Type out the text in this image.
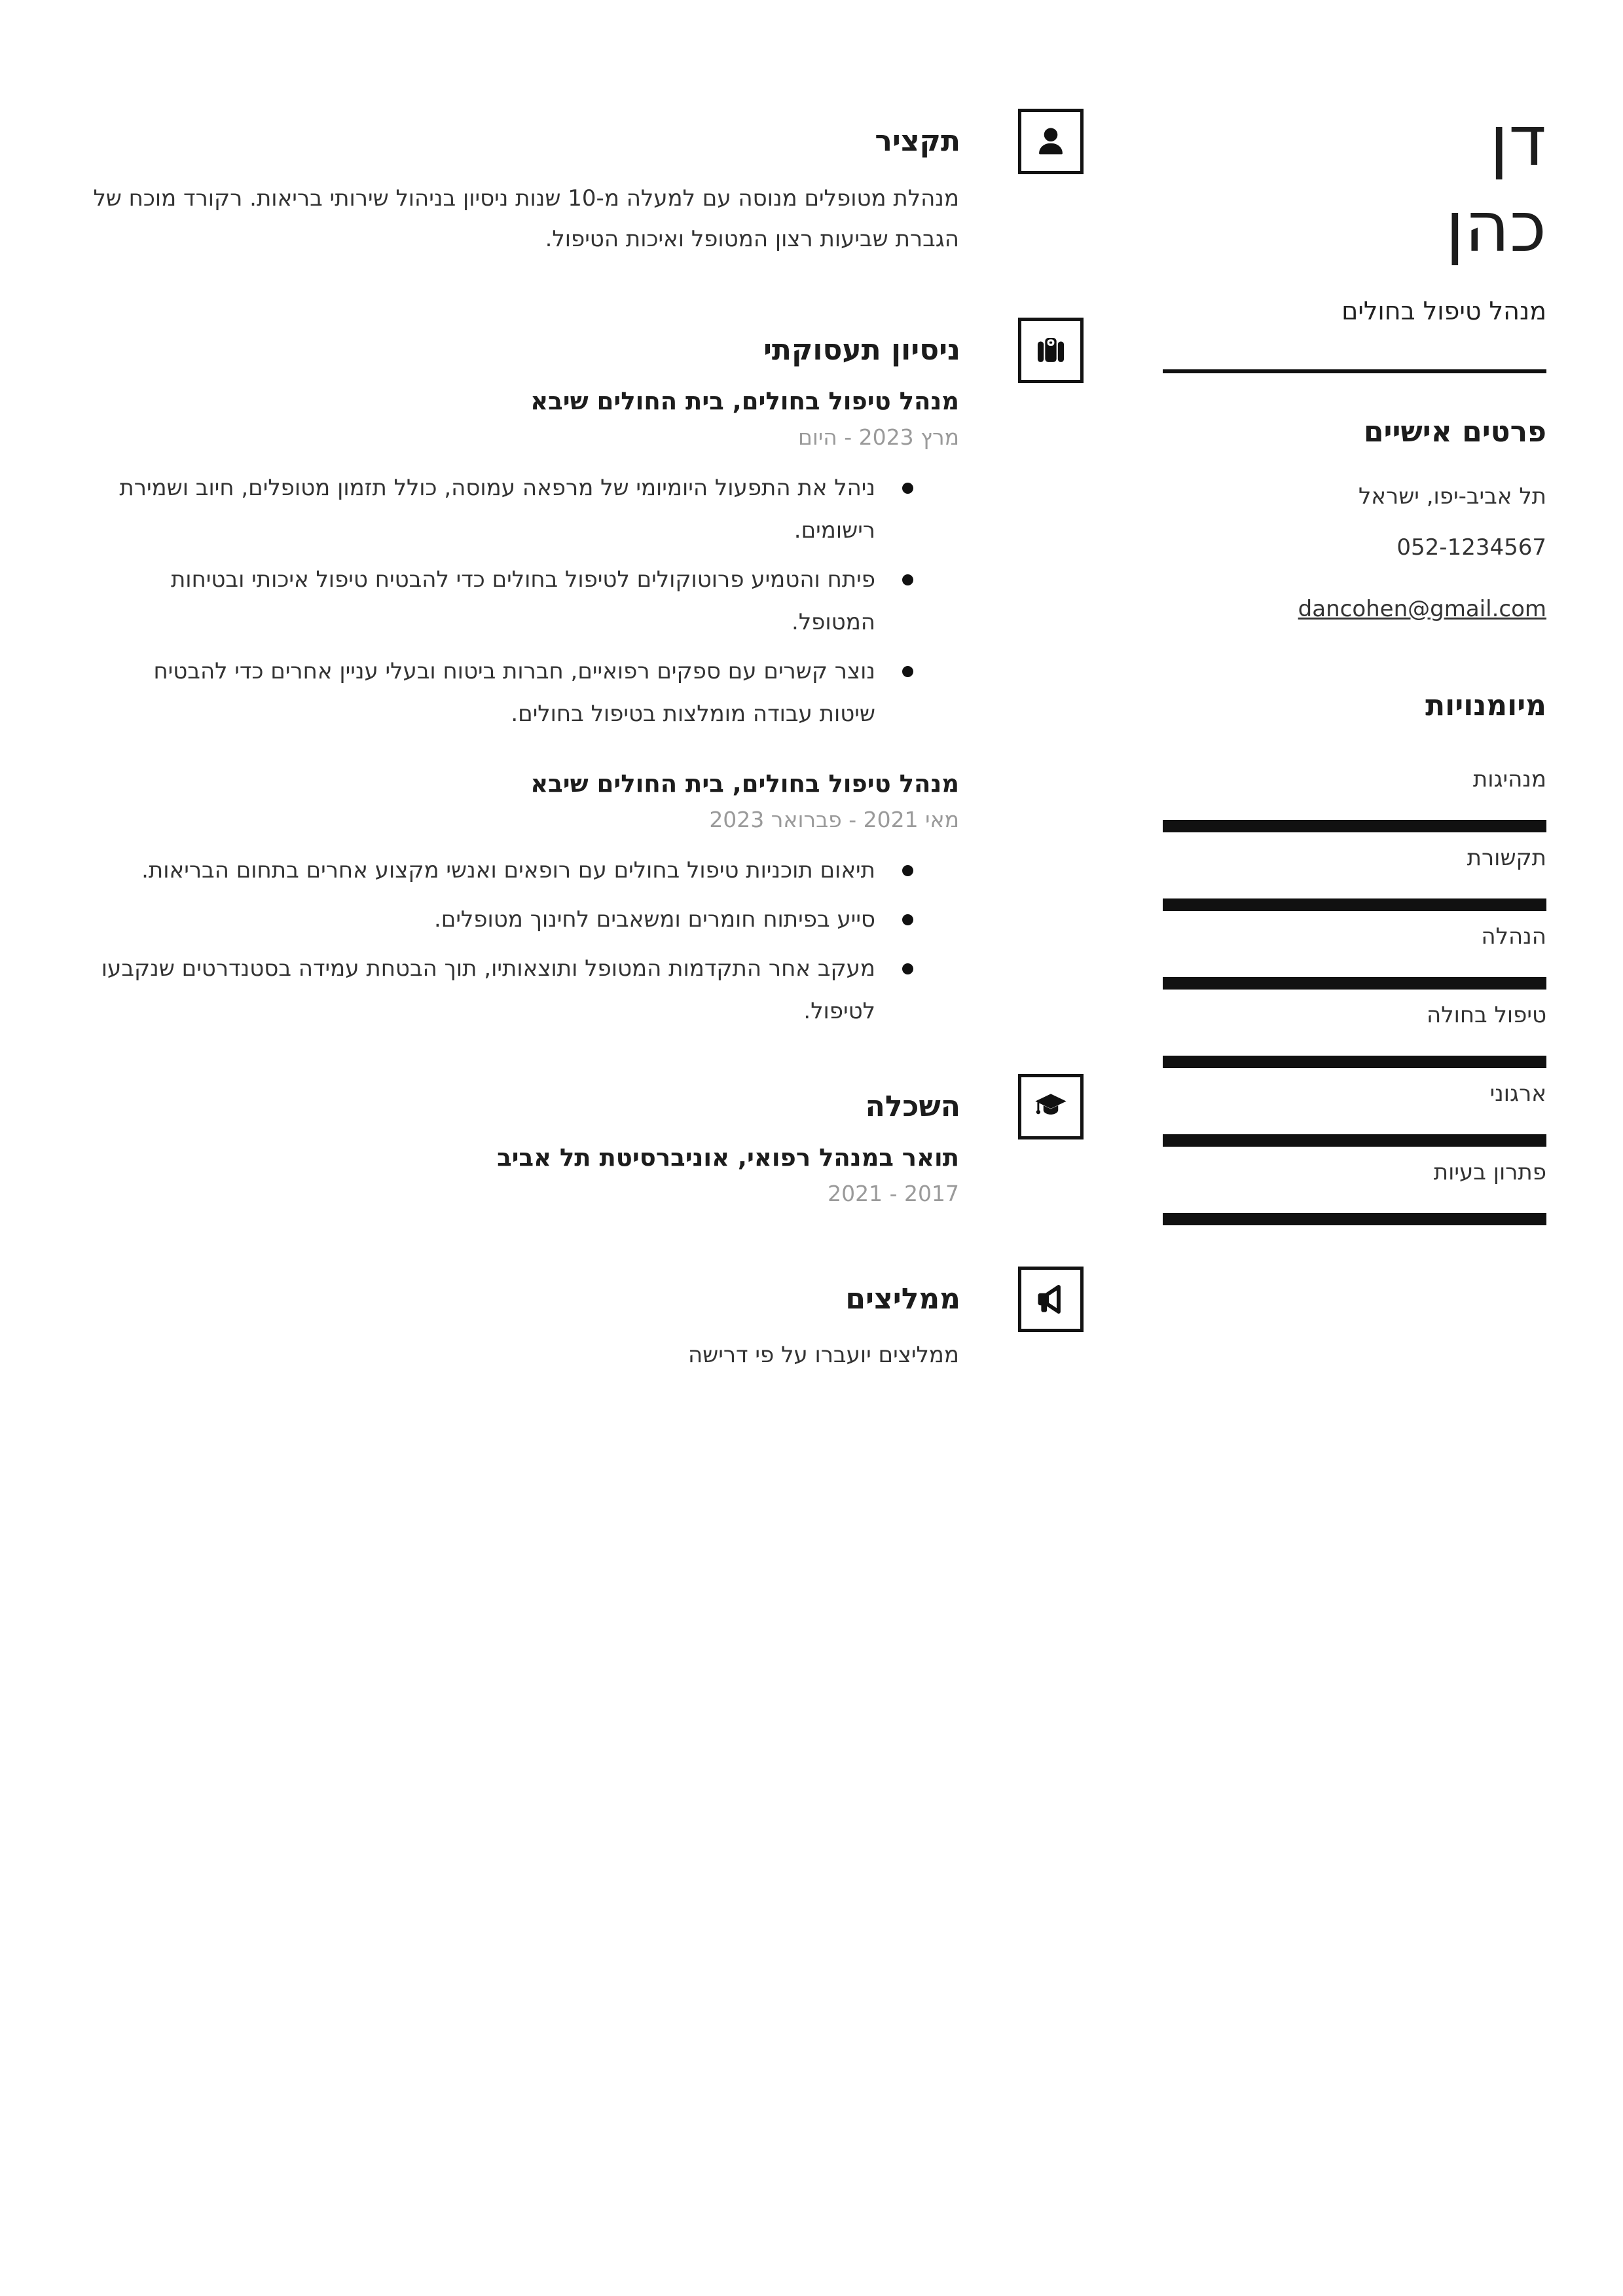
תקציר

מנהלת מטופלים מנוסה עם למעלה מ-10 שנות ניסיון בניהול שירותי בריאות. רקורד מוכח של הגברת שביעות רצון המטופל ואיכות הטיפול.

ניסיון תעסוקתי
מנהל טיפול בחולים, בית החולים שיבא
מרץ 2023 - היום
ניהל את התפעול היומיומי של מרפאה עמוסה, כולל תזמון מטופלים, חיוב ושמירת רישומים.
פיתח והטמיע פרוטוקולים לטיפול בחולים כדי להבטיח טיפול איכותי ובטיחות המטופל.
נוצר קשרים עם ספקים רפואיים, חברות ביטוח ובעלי עניין אחרים כדי להבטיח שיטות עבודה מומלצות בטיפול בחולים.
מנהל טיפול בחולים, בית החולים שיבא
מאי 2021 - פברואר 2023
תיאום תוכניות טיפול בחולים עם רופאים ואנשי מקצוע אחרים בתחום הבריאות.
סייע בפיתוח חומרים ומשאבים לחינוך מטופלים.
מעקב אחר התקדמות המטופל ותוצאותיו, תוך הבטחת עמידה בסטנדרטים שנקבעו לטיפול.
השכלה
תואר במנהל רפואי, אוניברסיטת תל אביב
2017 - 2021
ממליצים

ממליצים יועברו על פי דרישה

דן
כהן
מנהל טיפול בחולים
פרטים אישיים
תל אביב-יפו, ישראל
052-1234567
dancohen@gmail.com
מיומנויות
מנהיגות
תקשורת
הנהלה
טיפול בחולה
ארגוני
פתרון בעיות
